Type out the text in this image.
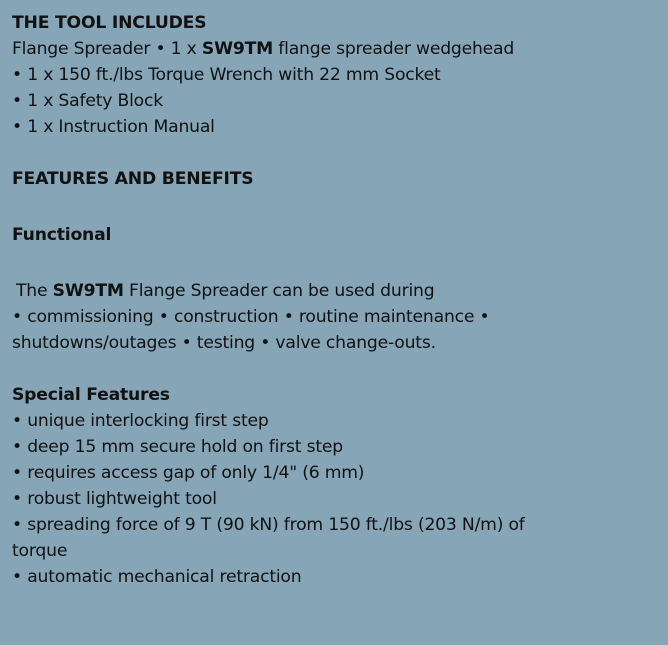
THE TOOL INCLUDES

Flange Spreader • 1 x SW9TM flange spreader wedgehead

• 1 x 150 ft./lbs Torque Wrench with 22 mm Socket

• 1 x Safety Block

• 1 x Instruction Manual

FEATURES AND BENEFITS

Functional

The SW9TM Flange Spreader can be used during

• commissioning • construction • routine maintenance •

shutdowns/outages • testing • valve change-outs.

Special Features

• unique interlocking first step

• deep 15 mm secure hold on first step

• requires access gap of only 1/4" (6 mm)

• robust lightweight tool

• spreading force of 9 T (90 kN) from 150 ft./lbs (203 N/m) of

torque

• automatic mechanical retraction
